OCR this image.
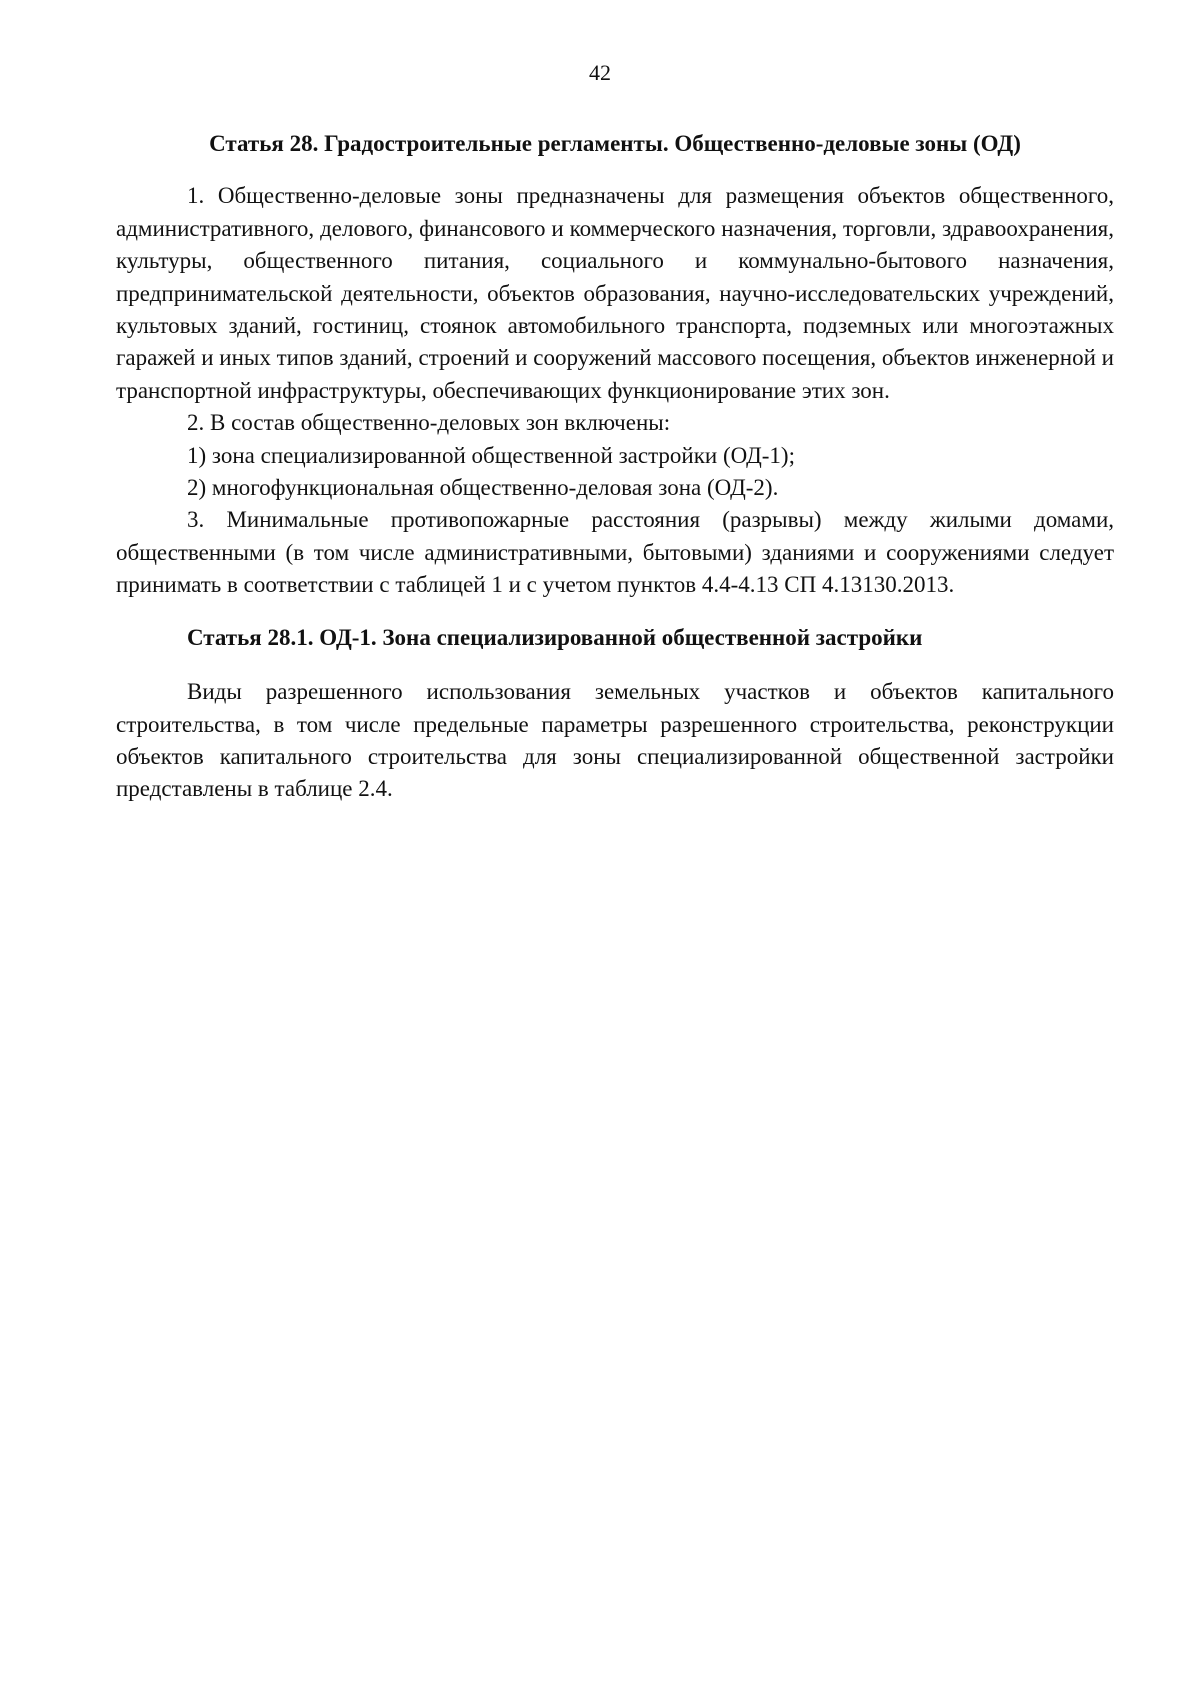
42

Статья 28. Градостроительные регламенты. Общественно-деловые зоны (ОД)

1. Общественно-деловые зоны предназначены для размещения объектов общественного, административного, делового, финансового и коммерческого назначения, торговли, здравоохранения, культуры, общественного питания, социального и коммунально-бытового назначения, предпринимательской деятельности, объектов образования, научно-исследовательских учреждений, культовых зданий, гостиниц, стоянок автомобильного транспорта, подземных или многоэтажных гаражей и иных типов зданий, строений и сооружений массового посещения, объектов инженерной и транспортной инфраструктуры, обеспечивающих функционирование этих зон.

2. В состав общественно-деловых зон включены:

1) зона специализированной общественной застройки (ОД-1);

2) многофункциональная общественно-деловая зона (ОД-2).

3. Минимальные противопожарные расстояния (разрывы) между жилыми домами, общественными (в том числе административными, бытовыми) зданиями и сооружениями следует принимать в соответствии с таблицей 1 и с учетом пунктов 4.4-4.13 СП 4.13130.2013.

Статья 28.1. ОД-1. Зона специализированной общественной застройки

Виды разрешенного использования земельных участков и объектов капитального строительства, в том числе предельные параметры разрешенного строительства, реконструкции объектов капитального строительства для зоны специализированной общественной застройки представлены в таблице 2.4.
